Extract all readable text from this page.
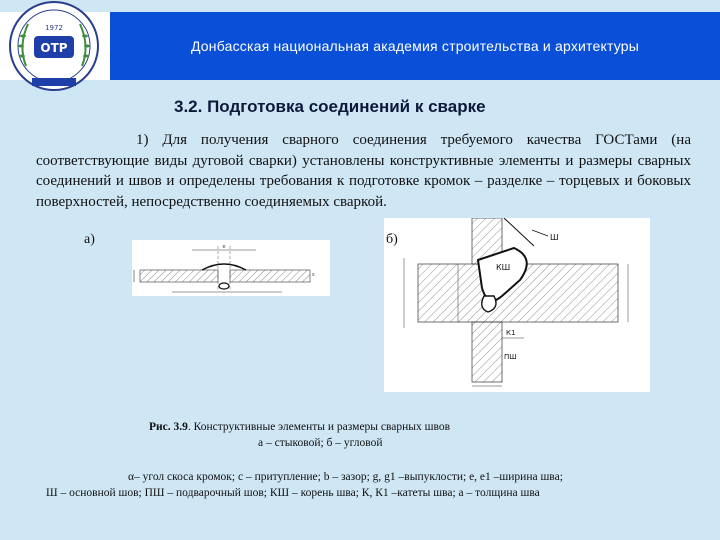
Донбасская национальная академия строительства и архитектуры
ОТР
1972
3.2. Подготовка соединений к сварке
1) Для получения сварного соединения требуемого качества ГОСТами (на соответствующие виды дуговой сварки) установлены конструктивные элементы и размеры сварных соединений и швов и определены требования к подготовке кромок – разделке – торцевых и боковых поверхностей, непосредственно соединяемых сваркой.
а)	б)
s
e
КШ
Ш
К1
ПШ
Рис. 3.9. Конструктивные элементы и размеры сварных швов
а – стыковой; б – угловой
α– угол скоса кромок; с – притупление; b – зазор; g, g1 –выпуклости; e, e1 –ширина шва;
Ш – основной шов; ПШ – подварочный шов; КШ – корень шва; К, К1 –катеты шва; а – толщина шва
